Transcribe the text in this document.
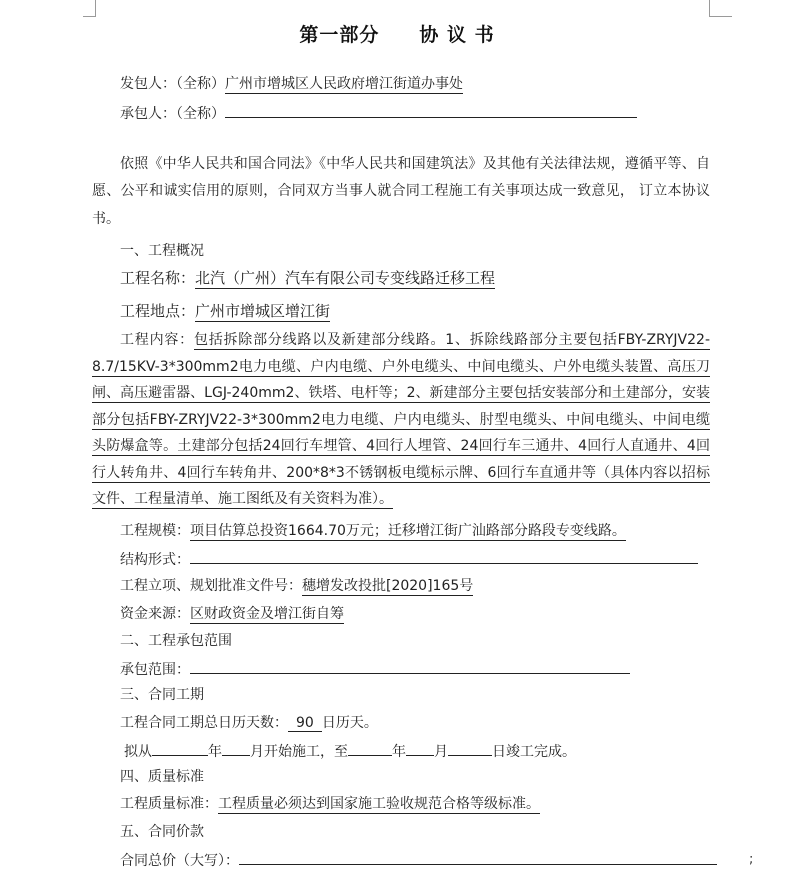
第一部分 协 议 书
发包人：（全称）广州市增城区人民政府增江街道办事处
承包人：（全称）
依照《中华人民共和国合同法》《中华人民共和国建筑法》及其他有关法律法规，遵循平等、自愿、公平和诚实信用的原则，合同双方当事人就合同工程施工有关事项达成一致意见， 订立本协议书。
一、工程概况
工程名称：北汽（广州）汽车有限公司专变线路迁移工程
工程地点：广州市增城区增江街
工程内容：包括拆除部分线路以及新建部分线路。1、拆除线路部分主要包括FBY-ZRYJV22-8.7/15KV-3*300mm2电力电缆、户内电缆、户外电缆头、中间电缆头、户外电缆头装置、高压刀闸、高压避雷器、LGJ-240mm2、铁塔、电杆等；2、新建部分主要包括安装部分和土建部分，安装部分包括FBY-ZRYJV22-3*300mm2电力电缆、户内电缆头、肘型电缆头、中间电缆头、中间电缆头防爆盒等。土建部分包括24回行车埋管、4回行人埋管、24回行车三通井、4回行人直通井、4回行人转角井、4回行车转角井、200*8*3不锈钢板电缆标示牌、6回行车直通井等（具体内容以招标文件、工程量清单、施工图纸及有关资料为准）。
工程规模：项目估算总投资1664.70万元；迁移增江街广汕路部分路段专变线路。
结构形式：
工程立项、规划批准文件号：穗增发改投批[2020]165号
资金来源：区财政资金及增江街自筹
二、工程承包范围
承包范围：
三、合同工期
工程合同工期总日历天数： 90 日历天。
拟从	年 月开始施工，至	年 月	日竣工完成。
四、质量标准
工程质量标准：工程质量必须达到国家施工验收规范合格等级标准。
五、合同价款
合同总价（大写）：	;
